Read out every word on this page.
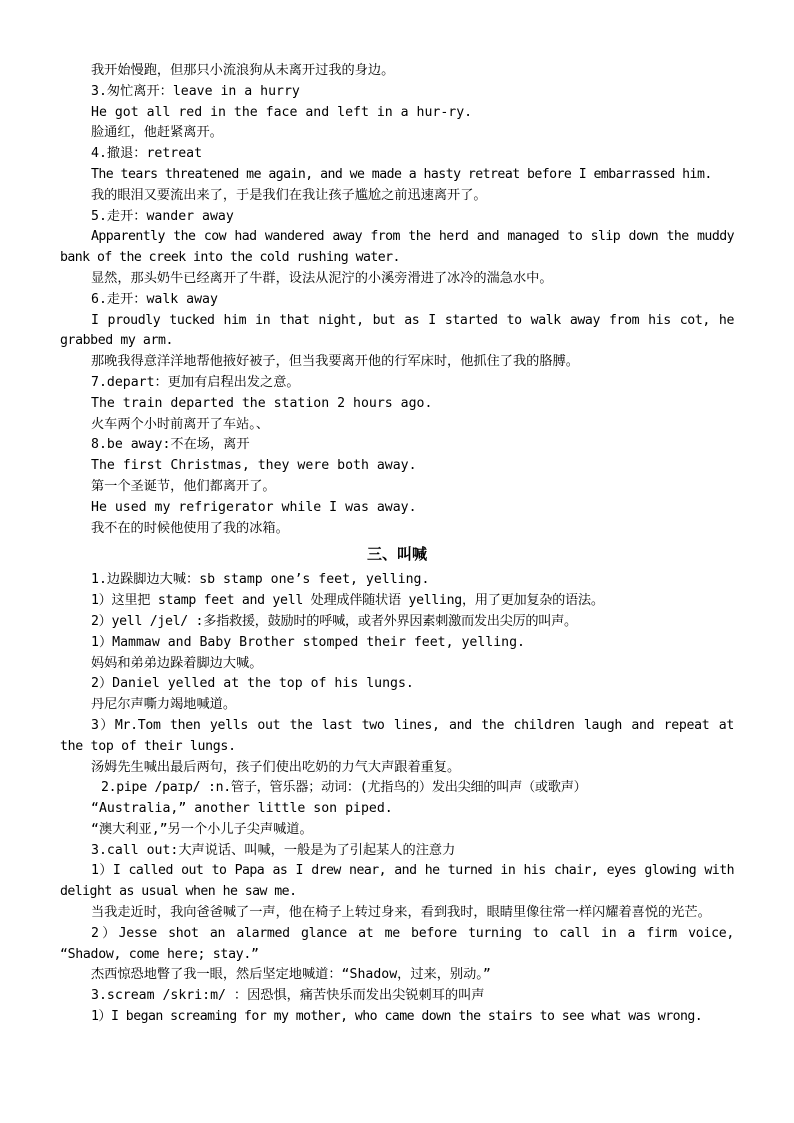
我开始慢跑，但那只小流浪狗从未离开过我的身边。
3.匆忙离开：leave in a hurry
He got all red in the face and left in a hur-ry.
脸通红，他赶紧离开。
4.撤退：retreat
The tears threatened me again, and we made a hasty retreat before I embarrassed him.
我的眼泪又要流出来了，于是我们在我让孩子尴尬之前迅速离开了。
5.走开：wander away
Apparently the cow had wandered away from the herd and managed to slip down the muddy bank of the creek into the cold rushing water.
显然，那头奶牛已经离开了牛群，设法从泥泞的小溪旁滑进了冰冷的湍急水中。
6.走开：walk away
I proudly tucked him in that night, but as I started to walk away from his cot, he grabbed my arm.
那晚我得意洋洋地帮他掖好被子，但当我要离开他的行军床时，他抓住了我的胳膊。
7.depart：更加有启程出发之意。
The train departed the station 2 hours ago.
火车两个小时前离开了车站。、
8.be away:不在场，离开
The first Christmas, they were both away.
第一个圣诞节，他们都离开了。
He used my refrigerator while I was away.
我不在的时候他使用了我的冰箱。
三、叫喊
1.边跺脚边大喊：sb stamp one’s feet, yelling.
1）这里把 stamp feet and yell 处理成伴随状语 yelling，用了更加复杂的语法。
2）yell /jel/ :多指救援，鼓励时的呼喊，或者外界因素刺激而发出尖厉的叫声。
1）Mammaw and Baby Brother stomped their feet, yelling.
妈妈和弟弟边跺着脚边大喊。
2）Daniel yelled at the top of his lungs.
丹尼尔声嘶力竭地喊道。
3）Mr.Tom then yells out the last two lines, and the children laugh and repeat at the top of their lungs.
汤姆先生喊出最后两句，孩子们使出吃奶的力气大声跟着重复。
2.pipe /paɪp/ :n.管子，管乐器；动词：(尤指鸟的）发出尖细的叫声（或歌声）
“Australia,” another little son piped.
“澳大利亚,”另一个小儿子尖声喊道。
3.call out:大声说话、叫喊，一般是为了引起某人的注意力
1）I called out to Papa as I drew near, and he turned in his chair, eyes glowing with delight as usual when he saw me.
当我走近时，我向爸爸喊了一声，他在椅子上转过身来，看到我时，眼睛里像往常一样闪耀着喜悦的光芒。
2）Jesse shot an alarmed glance at me before turning to call in a firm voice, “Shadow, come here; stay.”
杰西惊恐地瞥了我一眼，然后坚定地喊道：“Shadow，过来，别动。”
3.scream /skri:m/ ：因恐惧，痛苦快乐而发出尖锐刺耳的叫声
1）I began screaming for my mother, who came down the stairs to see what was wrong.
